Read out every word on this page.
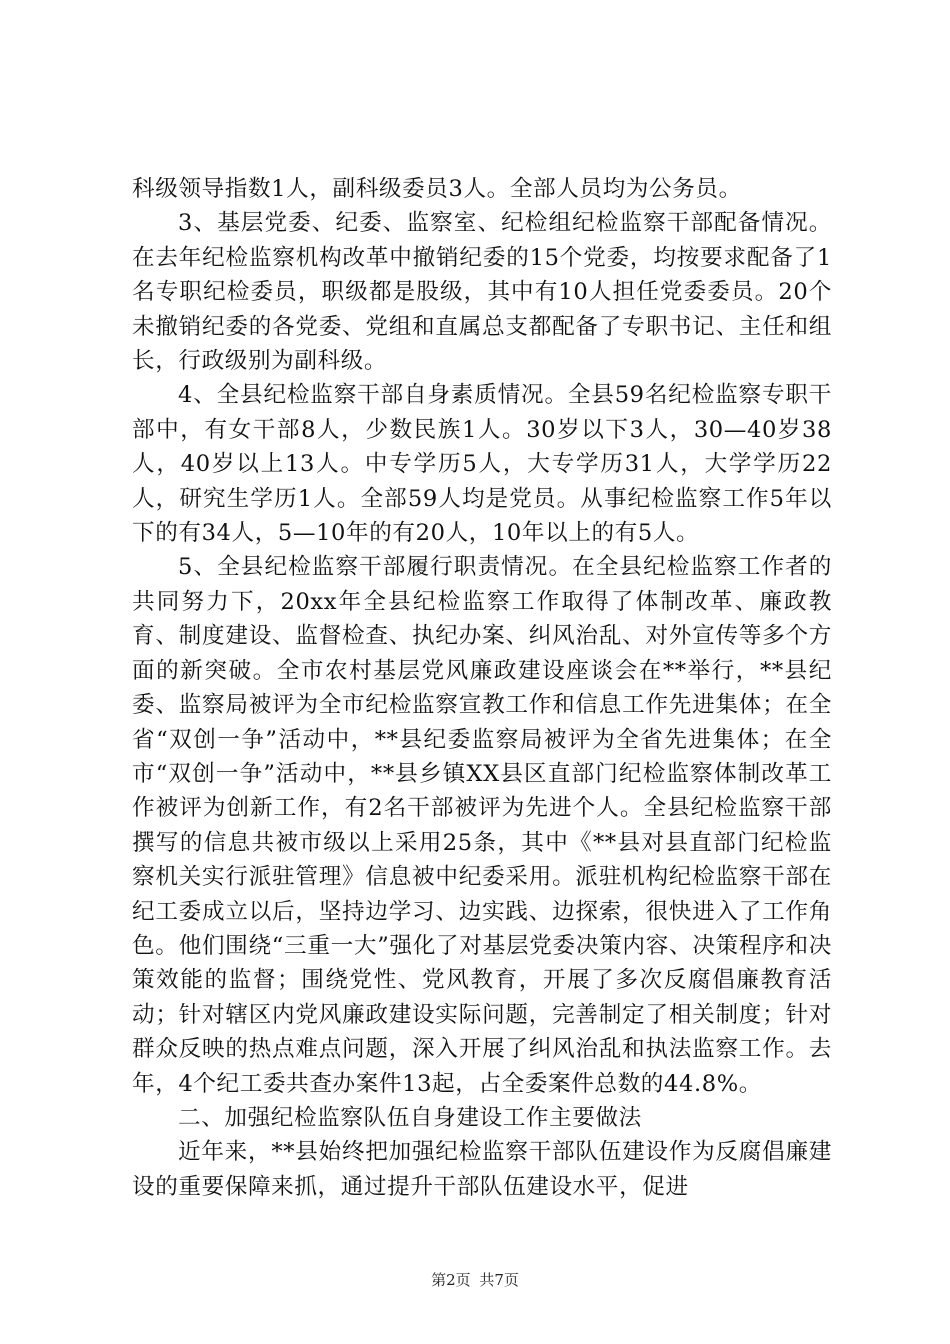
科级领导指数1人，副科级委员3人。全部人员均为公务员。

3、基层党委、纪委、监察室、纪检组纪检监察干部配备情况。在去年纪检监察机构改革中撤销纪委的15个党委，均按要求配备了1名专职纪检委员，职级都是股级，其中有10人担任党委委员。20个未撤销纪委的各党委、党组和直属总支都配备了专职书记、主任和组长，行政级别为副科级。

4、全县纪检监察干部自身素质情况。全县59名纪检监察专职干部中，有女干部8人，少数民族1人。30岁以下3人，30—40岁38人，40岁以上13人。中专学历5人，大专学历31人，大学学历22人，研究生学历1人。全部59人均是党员。从事纪检监察工作5年以下的有34人，5—10年的有20人，10年以上的有5人。

5、全县纪检监察干部履行职责情况。在全县纪检监察工作者的共同努力下，20xx年全县纪检监察工作取得了体制改革、廉政教育、制度建设、监督检查、执纪办案、纠风治乱、对外宣传等多个方面的新突破。全市农村基层党风廉政建设座谈会在**举行，**县纪委、监察局被评为全市纪检监察宣教工作和信息工作先进集体；在全省“双创一争”活动中，**县纪委监察局被评为全省先进集体；在全市“双创一争”活动中，**县乡镇XX县区直部门纪检监察体制改革工作被评为创新工作，有2名干部被评为先进个人。全县纪检监察干部撰写的信息共被市级以上采用25条，其中《**县对县直部门纪检监察机关实行派驻管理》信息被中纪委采用。派驻机构纪检监察干部在纪工委成立以后，坚持边学习、边实践、边探索，很快进入了工作角色。他们围绕“三重一大”强化了对基层党委决策内容、决策程序和决策效能的监督；围绕党性、党风教育，开展了多次反腐倡廉教育活动；针对辖区内党风廉政建设实际问题，完善制定了相关制度；针对群众反映的热点难点问题，深入开展了纠风治乱和执法监察工作。去年，4个纪工委共查办案件13起，占全委案件总数的44.8%。

二、加强纪检监察队伍自身建设工作主要做法

近年来，**县始终把加强纪检监察干部队伍建设作为反腐倡廉建设的重要保障来抓，通过提升干部队伍建设水平，促进

第2页 共7页
